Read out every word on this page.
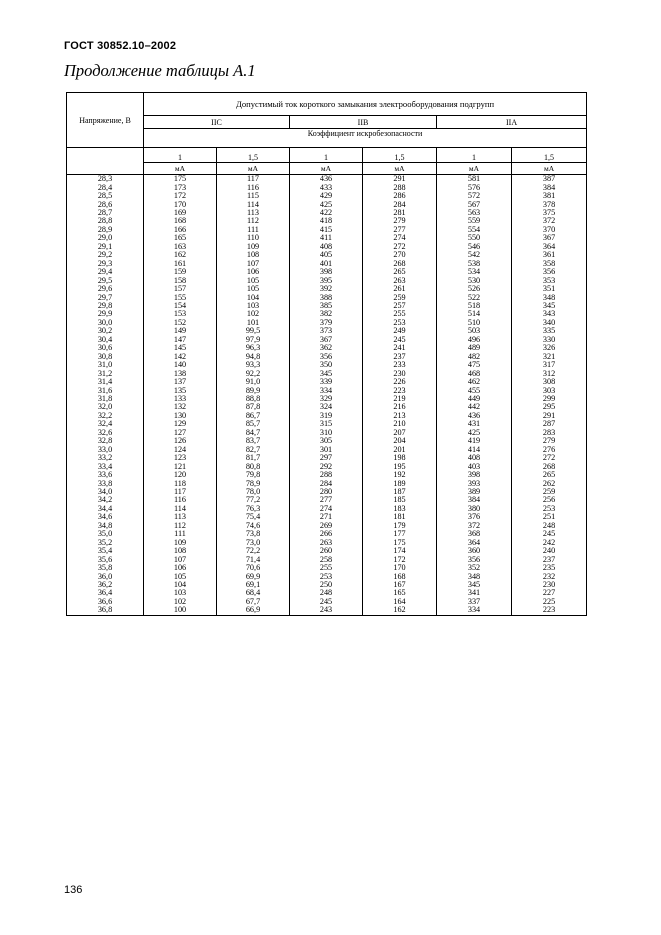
ГОСТ 30852.10–2002
Продолжение таблицы А.1
Напряжение, В	Допустимый ток короткого замыкания электрооборудования подгрупп					
	IIC		IIB		IIA	
	Коэффициент искробезопасности					
	1	1,5	1	1,5	1	1,5
	мА	мА	мА	мА	мА	мА
28,3	175	117	436	291	581	387
28,4	173	116	433	288	576	384
28,5	172	115	429	286	572	381
28,6	170	114	425	284	567	378
28,7	169	113	422	281	563	375
28,8	168	112	418	279	559	372
28,9	166	111	415	277	554	370
29,0	165	110	411	274	550	367
29,1	163	109	408	272	546	364
29,2	162	108	405	270	542	361
29,3	161	107	401	268	538	358
29,4	159	106	398	265	534	356
29,5	158	105	395	263	530	353
29,6	157	105	392	261	526	351
29,7	155	104	388	259	522	348
29,8	154	103	385	257	518	345
29,9	153	102	382	255	514	343
30,0	152	101	379	253	510	340
30,2	149	99,5	373	249	503	335
30,4	147	97,9	367	245	496	330
30,6	145	96,3	362	241	489	326
30,8	142	94,8	356	237	482	321
31,0	140	93,3	350	233	475	317
31,2	138	92,2	345	230	468	312
31,4	137	91,0	339	226	462	308
31,6	135	89,9	334	223	455	303
31,8	133	88,8	329	219	449	299
32,0	132	87,8	324	216	442	295
32,2	130	86,7	319	213	436	291
32,4	129	85,7	315	210	431	287
32,6	127	84,7	310	207	425	283
32,8	126	83,7	305	204	419	279
33,0	124	82,7	301	201	414	276
33,2	123	81,7	297	198	408	272
33,4	121	80,8	292	195	403	268
33,6	120	79,8	288	192	398	265
33,8	118	78,9	284	189	393	262
34,0	117	78,0	280	187	389	259
34,2	116	77,2	277	185	384	256
34,4	114	76,3	274	183	380	253
34,6	113	75,4	271	181	376	251
34,8	112	74,6	269	179	372	248
35,0	111	73,8	266	177	368	245
35,2	109	73,0	263	175	364	242
35,4	108	72,2	260	174	360	240
35,6	107	71,4	258	172	356	237
35,8	106	70,6	255	170	352	235
36,0	105	69,9	253	168	348	232
36,2	104	69,1	250	167	345	230
36,4	103	68,4	248	165	341	227
36,6	102	67,7	245	164	337	225
36,8	100	66,9	243	162	334	223
136
